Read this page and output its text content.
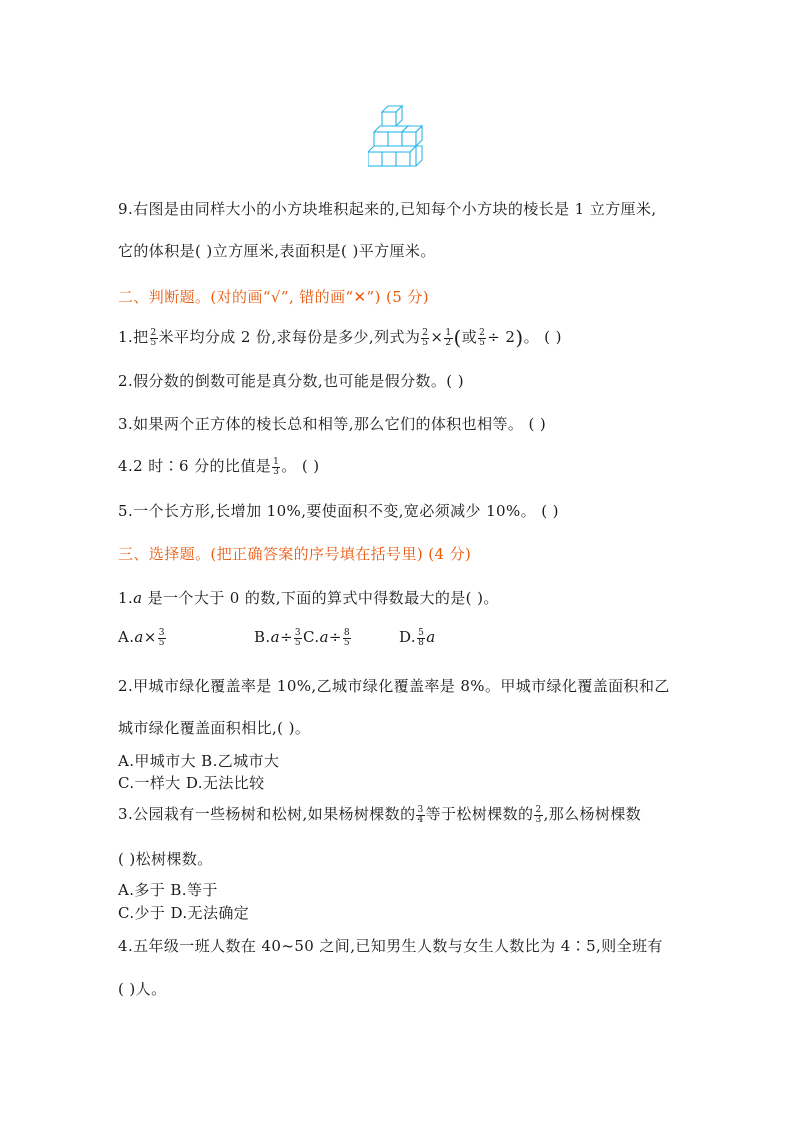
9.右图是由同样大小的小方块堆积起来的,已知每个小方块的棱长是 1 立方厘米,
它的体积是( )立方厘米,表面积是( )平方厘米。
二、判断题。(对的画“√”, 错的画“✕”) (5 分)
1.把 $\frac{2}{5}$ 米平均分成 2 份,求每份是多少,列式为 $\frac{2}{5} \times \frac{1}{2}$ (或 $\frac{2}{5} \div 2$)。 ( )
2.假分数的倒数可能是真分数,也可能是假分数。( )
3.如果两个正方体的棱长总和相等,那么它们的体积也相等。 ( )
4.2 时∶6 分的比值是 $\frac{1}{3}$ 。 ( )
5.一个长方形,长增加 10%,要使面积不变,宽必须减少 10%。 ( )
三、选择题。(把正确答案的序号填在括号里) (4 分)
1.a 是一个大于 0 的数,下面的算式中得数最大的是( )。
$A.a\times \frac{3}{5}$	$B.a\div \frac{3}{5} C.a\div \frac{8}{5}$	D. $\frac{5}{8}$ a
2.甲城市绿化覆盖率是 10%,乙城市绿化覆盖率是 8%。甲城市绿化覆盖面积和乙
城市绿化覆盖面积相比,( )。
A.甲城市大 B.乙城市大
C.一样大 D.无法比较
3.公园栽有一些杨树和松树,如果杨树棵数的 $\frac{3}{4}$ 等于松树棵数的 $\frac{2}{3}$ ,那么杨树棵数
( )松树棵数。
A.多于 B.等于
C.少于 D.无法确定
4.五年级一班人数在 40~50 之间,已知男生人数与女生人数比为 4∶5,则全班有
( )人。
